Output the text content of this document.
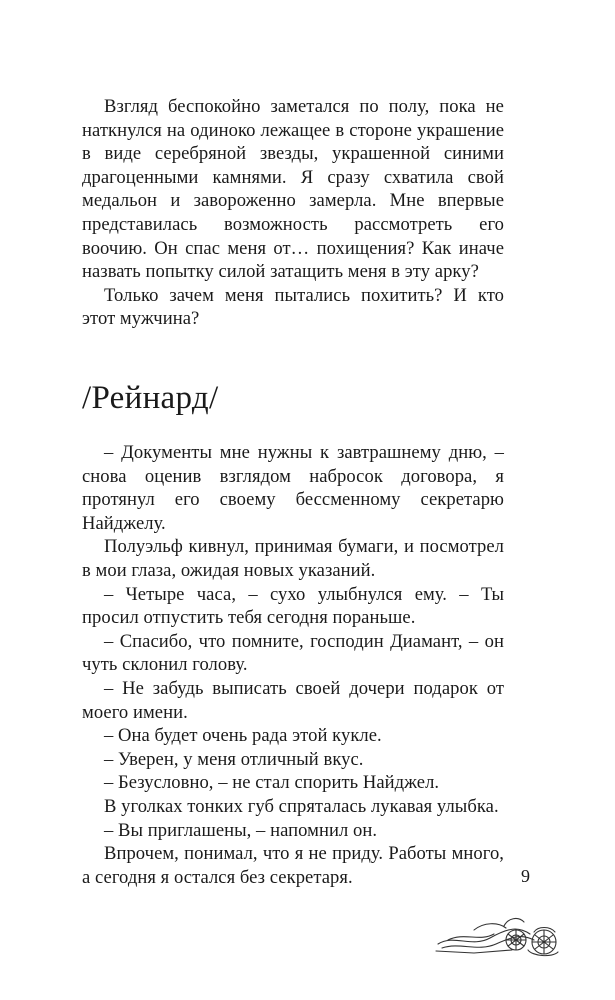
Взгляд беспокойно заметался по полу, пока не наткнулся на одиноко лежащее в стороне украшение в виде серебряной звезды, украшенной синими драгоценными камнями. Я сразу схватила свой медальон и завороженно замерла. Мне впервые представилась возможность рассмотреть его воочию. Он спас меня от… похищения? Как иначе назвать попытку силой затащить меня в эту арку?

Только зачем меня пытались похитить? И кто этот мужчина?

/Рейнард/

– Документы мне нужны к завтрашнему дню, – снова оценив взглядом набросок договора, я протянул его своему бессменному секретарю Найджелу.

Полуэльф кивнул, принимая бумаги, и посмотрел в мои глаза, ожидая новых указаний.

– Четыре часа, – сухо улыбнулся ему. – Ты просил отпустить тебя сегодня пораньше.

– Спасибо, что помните, господин Диамант, – он чуть склонил голову.

– Не забудь выписать своей дочери подарок от моего имени.

– Она будет очень рада этой кукле.

– Уверен, у меня отличный вкус.

– Безусловно, – не стал спорить Найджел.

В уголках тонких губ спряталась лукавая улыбка.

– Вы приглашены, – напомнил он.

Впрочем, понимал, что я не приду. Работы много, а сегодня я остался без секретаря.	9
